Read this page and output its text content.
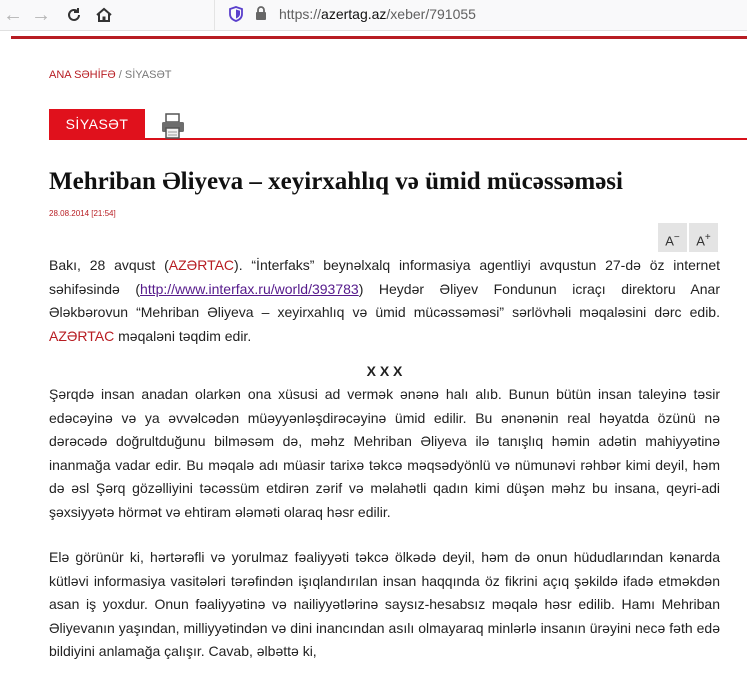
← →	https://azertag.az/xeber/791055
ANA SƏHİFƏ / SİYASƏT
SİYASƏT
Mehriban Əliyeva – xeyirxahlıq və ümid mücəssəməsi
28.08.2014 [21:54]
A−	A+

Bakı, 28 avqust (AZƏRTAC). “İnterfaks” beynəlxalq informasiya agentliyi avqustun 27-də öz internet səhifəsində (http://www.interfax.ru/world/393783) Heydər Əliyev Fondunun icraçı direktoru Anar Ələkbərovun “Mehriban Əliyeva – xeyirxahlıq və ümid mücəssəməsi” sərlövhəli məqaləsini dərc edib. AZƏRTAC məqaləni təqdim edir.

X X X

Şərqdə insan anadan olarkən ona xüsusi ad vermək ənənə halı alıb. Bunun bütün insan taleyinə təsir edəcəyinə və ya əvvəlcədən müəyyənləşdirəcəyinə ümid edilir. Bu ənənənin real həyatda özünü nə dərəcədə doğrultduğunu bilməsəm də, məhz Mehriban Əliyeva ilə tanışlıq həmin adətin mahiyyətinə inanmağa vadar edir. Bu məqalə adı müasir tarixə təkcə məqsədyönlü və nümunəvi rəhbər kimi deyil, həm də əsl Şərq gözəlliyini təcəssüm etdirən zərif və məlahətli qadın kimi düşən məhz bu insana, qeyri-adi şəxsiyyətə hörmət və ehtiram ələməti olaraq həsr edilir.

Elə görünür ki, hərtərəfli və yorulmaz fəaliyyəti təkcə ölkədə deyil, həm də onun hüdudlarından kənarda kütləvi informasiya vasitələri tərəfindən işıqlandırılan insan haqqında öz fikrini açıq şəkildə ifadə etməkdən asan iş yoxdur. Onun fəaliyyətinə və nailiyyətlərinə saysız-hesabsız məqalə həsr edilib. Hamı Mehriban Əliyevanın yaşından, milliyyətindən və dini inancından asılı olmayaraq minlərlə insanın ürəyini necə fəth edə bildiyini anlamağa çalışır. Cavab, əlbəttə ki,
